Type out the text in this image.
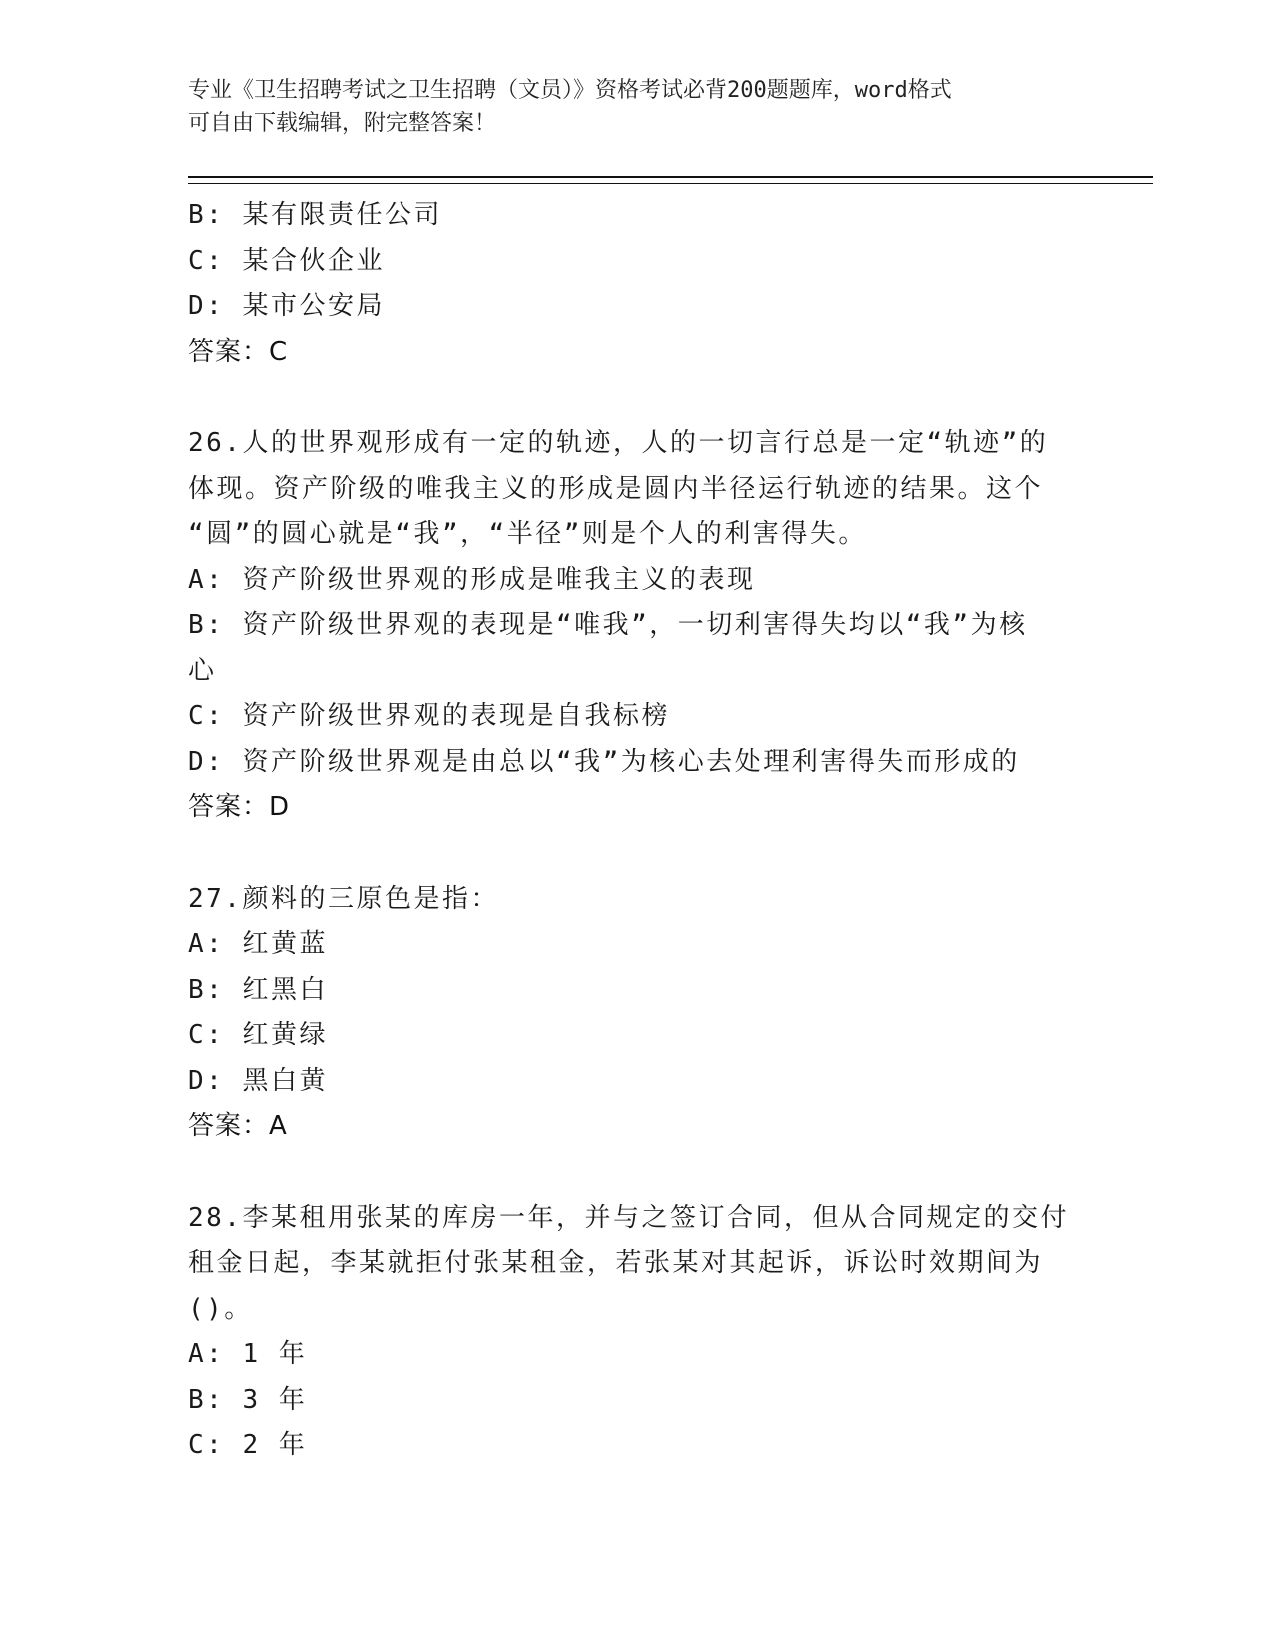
专业《卫生招聘考试之卫生招聘（文员）》资格考试必背200题题库，word格式
可自由下载编辑，附完整答案！
B: 某有限责任公司
C: 某合伙企业
D: 某市公安局
答案：C
26.人的世界观形成有一定的轨迹，人的一切言行总是一定“轨迹”的
体现。资产阶级的唯我主义的形成是圆内半径运行轨迹的结果。这个
“圆”的圆心就是“我”，“半径”则是个人的利害得失。
A: 资产阶级世界观的形成是唯我主义的表现
B: 资产阶级世界观的表现是“唯我”，一切利害得失均以“我”为核
心
C: 资产阶级世界观的表现是自我标榜
D: 资产阶级世界观是由总以“我”为核心去处理利害得失而形成的
答案：D
27.颜料的三原色是指：
A: 红黄蓝
B: 红黑白
C: 红黄绿
D: 黑白黄
答案：A
28.李某租用张某的库房一年，并与之签订合同，但从合同规定的交付
租金日起，李某就拒付张某租金，若张某对其起诉，诉讼时效期间为
()。
A: 1 年
B: 3 年
C: 2 年
